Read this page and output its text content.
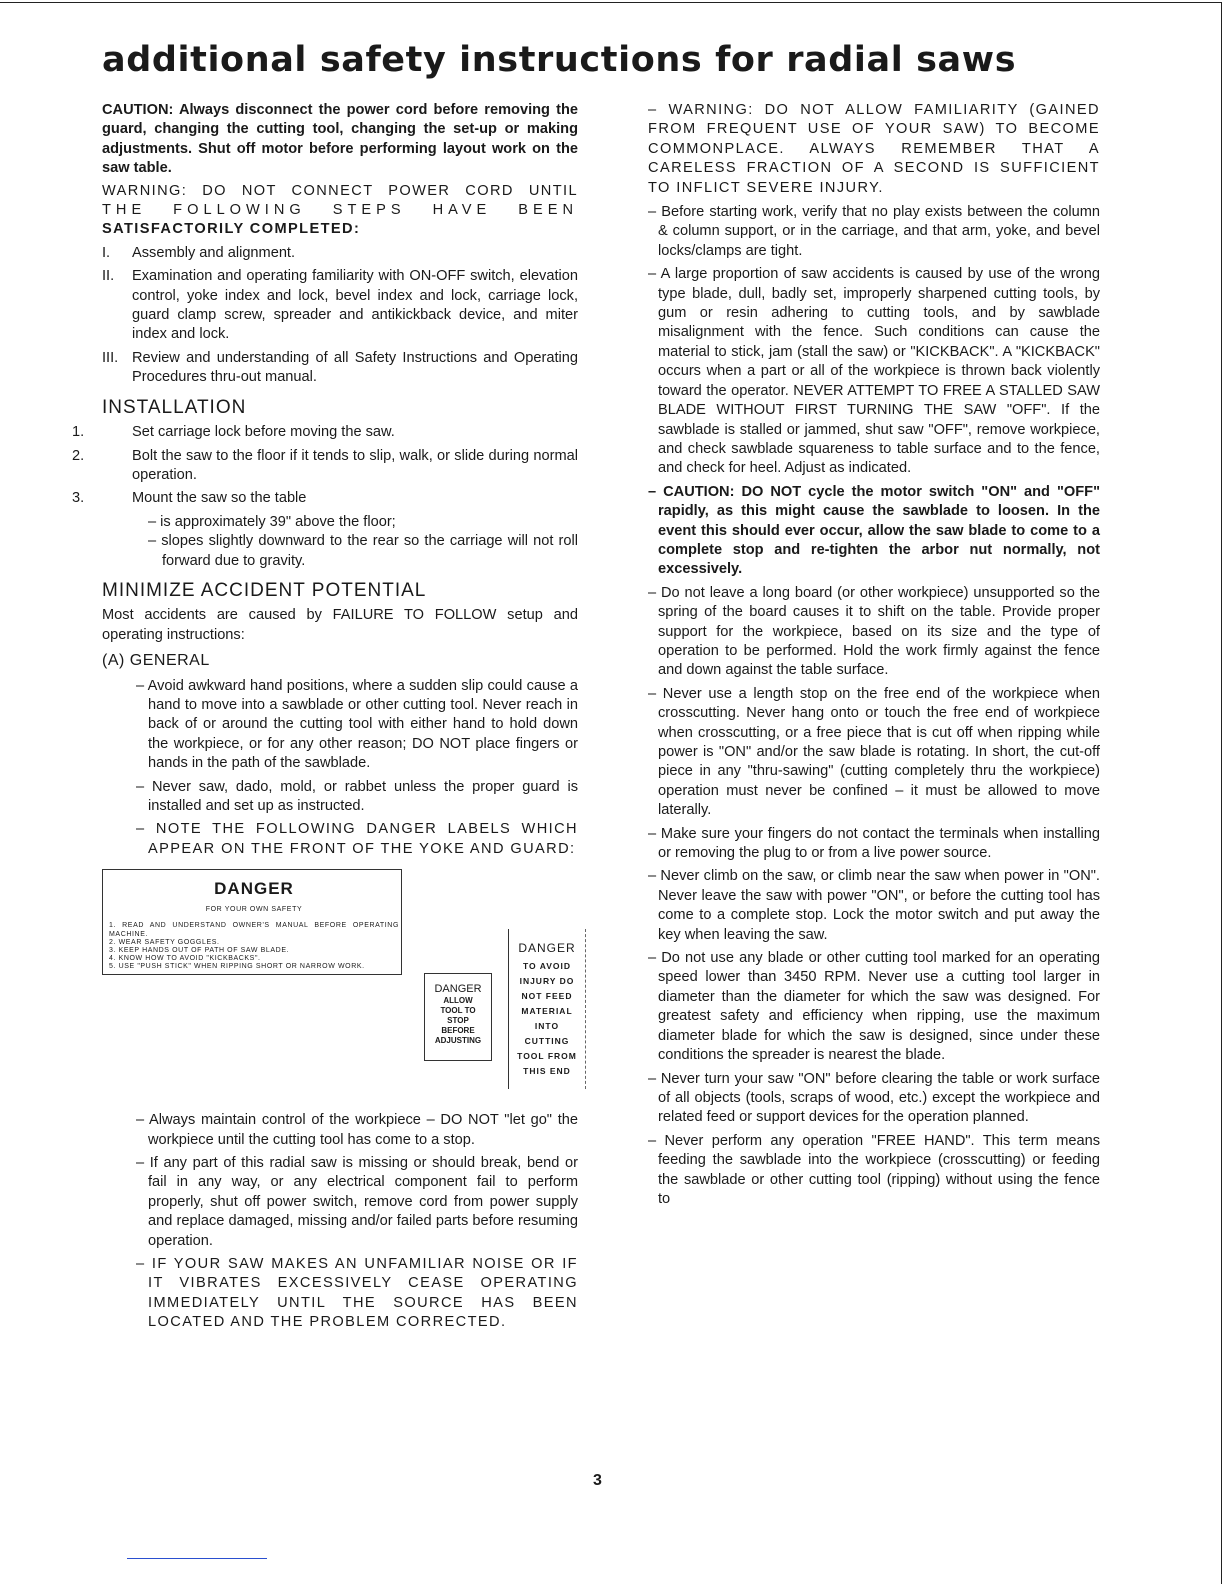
additional safety instructions for radial saws

CAUTION: Always disconnect the power cord before removing the guard, changing the cutting tool, changing the set-up or making adjustments. Shut off motor before performing layout work on the saw table.

WARNING: DO NOT CONNECT POWER CORD UNTIL
THE FOLLOWING STEPS HAVE BEEN
SATISFACTORILY COMPLETED:
I. Assembly and alignment.
II. Examination and operating familiarity with ON-OFF switch, elevation control, yoke index and lock, bevel index and lock, carriage lock, guard clamp screw, spreader and antikickback device, and miter index and lock.
III. Review and understanding of all Safety Instructions and Operating Procedures thru-out manual.
INSTALLATION
1.	Set carriage lock before moving the saw.
2.	Bolt the saw to the floor if it tends to slip, walk, or slide during normal operation.
3.	Mount the saw so the table
– is approximately 39" above the floor;
– slopes slightly downward to the rear so the carriage will not roll forward due to gravity.
MINIMIZE ACCIDENT POTENTIAL

Most accidents are caused by FAILURE TO FOLLOW setup and operating instructions:

(A) GENERAL

– Avoid awkward hand positions, where a sudden slip could cause a hand to move into a sawblade or other cutting tool. Never reach in back of or around the cutting tool with either hand to hold down the workpiece, or for any other reason; DO NOT place fingers or hands in the path of the sawblade.
– Never saw, dado, mold, or rabbet unless the proper guard is installed and set up as instructed.
– NOTE THE FOLLOWING DANGER LABELS WHICH APPEAR ON THE FRONT OF THE YOKE AND GUARD:
DANGER
FOR YOUR OWN SAFETY
1. READ AND UNDERSTAND OWNER'S MANUAL BEFORE OPERATING MACHINE.
2. WEAR SAFETY GOGGLES.
3. KEEP HANDS OUT OF PATH OF SAW BLADE.
4. KNOW HOW TO AVOID "KICKBACKS".
5. USE "PUSH STICK" WHEN RIPPING SHORT OR NARROW WORK.
DANGER
ALLOW
TOOL TO
STOP
BEFORE
ADJUSTING
DANGER
TO AVOID
INJURY DO
NOT FEED
MATERIAL
INTO
CUTTING
TOOL FROM
THIS END
– Always maintain control of the workpiece – DO NOT "let go" the workpiece until the cutting tool has come to a stop.
– If any part of this radial saw is missing or should break, bend or fail in any way, or any electrical component fail to perform properly, shut off power switch, remove cord from power supply and replace damaged, missing and/or failed parts before resuming operation.
– IF YOUR SAW MAKES AN UNFAMILIAR NOISE OR IF IT VIBRATES EXCESSIVELY CEASE OPERATING IMMEDIATELY UNTIL THE SOURCE HAS BEEN LOCATED AND THE PROBLEM CORRECTED.

– WARNING: DO NOT ALLOW FAMILIARITY (GAINED FROM FREQUENT USE OF YOUR SAW) TO BECOME COMMONPLACE. ALWAYS REMEMBER THAT A CARELESS FRACTION OF A SECOND IS SUFFICIENT TO INFLICT SEVERE INJURY.

– Before starting work, verify that no play exists between the column & column support, or in the carriage, and that arm, yoke, and bevel locks/clamps are tight.
– A large proportion of saw accidents is caused by use of the wrong type blade, dull, badly set, improperly sharpened cutting tools, by gum or resin adhering to cutting tools, and by sawblade misalignment with the fence. Such conditions can cause the material to stick, jam (stall the saw) or "KICKBACK". A "KICKBACK" occurs when a part or all of the workpiece is thrown back violently toward the operator. NEVER ATTEMPT TO FREE A STALLED SAW BLADE WITHOUT FIRST TURNING THE SAW "OFF". If the sawblade is stalled or jammed, shut saw "OFF", remove workpiece, and check sawblade squareness to table surface and to the fence, and check for heel. Adjust as indicated.

– CAUTION: DO NOT cycle the motor switch "ON" and "OFF" rapidly, as this might cause the sawblade to loosen. In the event this should ever occur, allow the saw blade to come to a complete stop and re-tighten the arbor nut normally, not excessively.

– Do not leave a long board (or other workpiece) unsupported so the spring of the board causes it to shift on the table. Provide proper support for the workpiece, based on its size and the type of operation to be performed. Hold the work firmly against the fence and down against the table surface.
– Never use a length stop on the free end of the workpiece when crosscutting. Never hang onto or touch the free end of workpiece when crosscutting, or a free piece that is cut off when ripping while power is "ON" and/or the saw blade is rotating. In short, the cut-off piece in any "thru-sawing" (cutting completely thru the workpiece) operation must never be confined – it must be allowed to move laterally.
– Make sure your fingers do not contact the terminals when installing or removing the plug to or from a live power source.
– Never climb on the saw, or climb near the saw when power in "ON". Never leave the saw with power "ON", or before the cutting tool has come to a complete stop. Lock the motor switch and put away the key when leaving the saw.
– Do not use any blade or other cutting tool marked for an operating speed lower than 3450 RPM. Never use a cutting tool larger in diameter than the diameter for which the saw was designed. For greatest safety and efficiency when ripping, use the maximum diameter blade for which the saw is designed, since under these conditions the spreader is nearest the blade.
– Never turn your saw "ON" before clearing the table or work surface of all objects (tools, scraps of wood, etc.) except the workpiece and related feed or support devices for the operation planned.
– Never perform any operation "FREE HAND". This term means feeding the sawblade into the workpiece (crosscutting) or feeding the sawblade or other cutting tool (ripping) without using the fence to
3
